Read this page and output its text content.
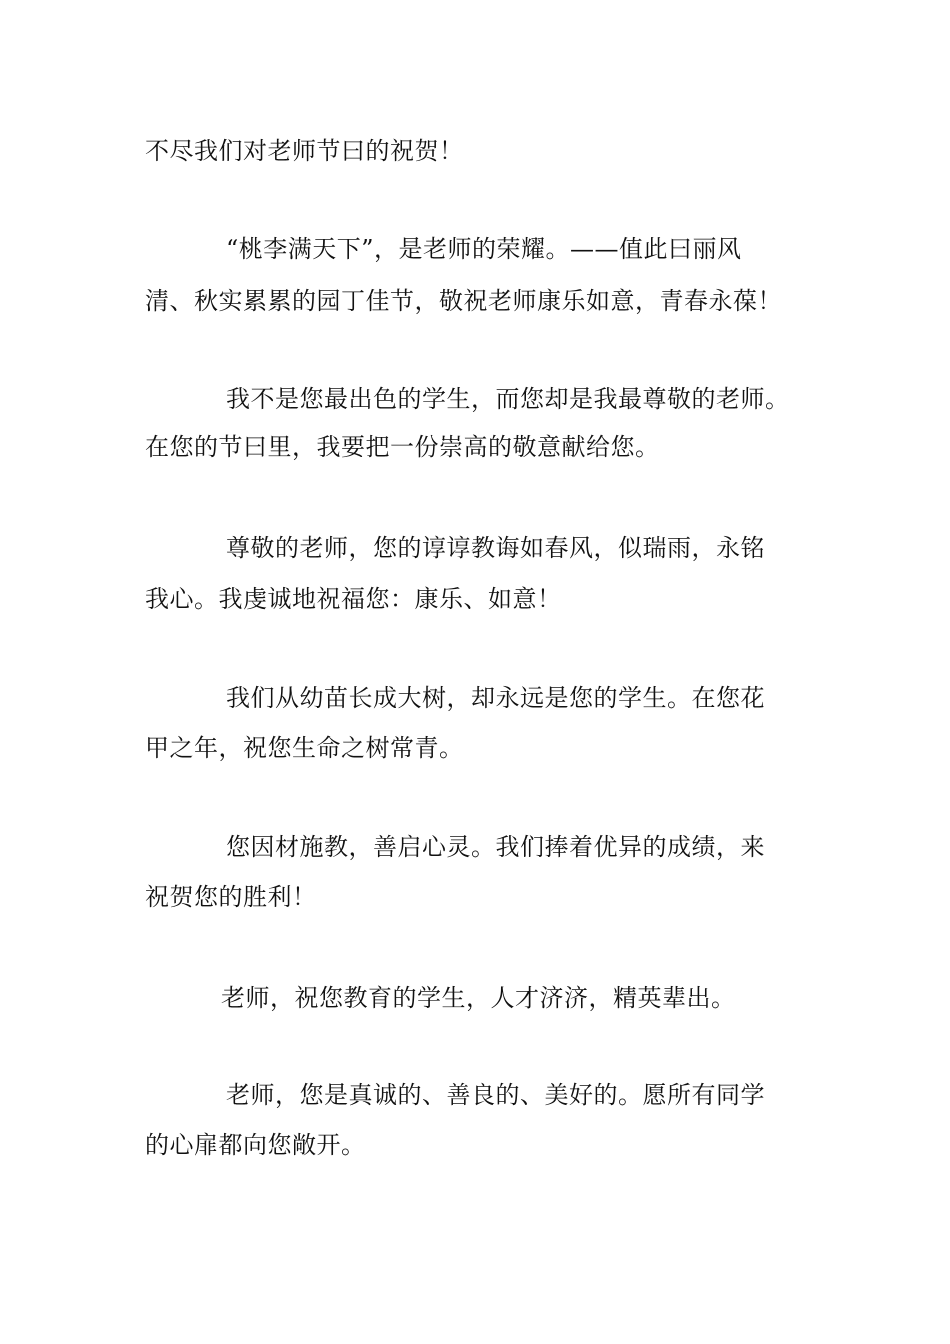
不尽我们对老师节曰的祝贺！
“桃李满天下”，是老师的荣耀。——值此曰丽风
清、秋实累累的园丁佳节，敬祝老师康乐如意，青春永葆！
我不是您最出色的学生，而您却是我最尊敬的老师。
在您的节曰里，我要把一份崇高的敬意献给您。
尊敬的老师，您的谆谆教诲如春风，似瑞雨，永铭
我心。我虔诚地祝福您：康乐、如意！
我们从幼苗长成大树，却永远是您的学生。在您花
甲之年，祝您生命之树常青。
您因材施教，善启心灵。我们捧着优异的成绩，来
祝贺您的胜利！
老师，祝您教育的学生，人才济济，精英辈出。
老师，您是真诚的、善良的、美好的。愿所有同学
的心扉都向您敞开。
